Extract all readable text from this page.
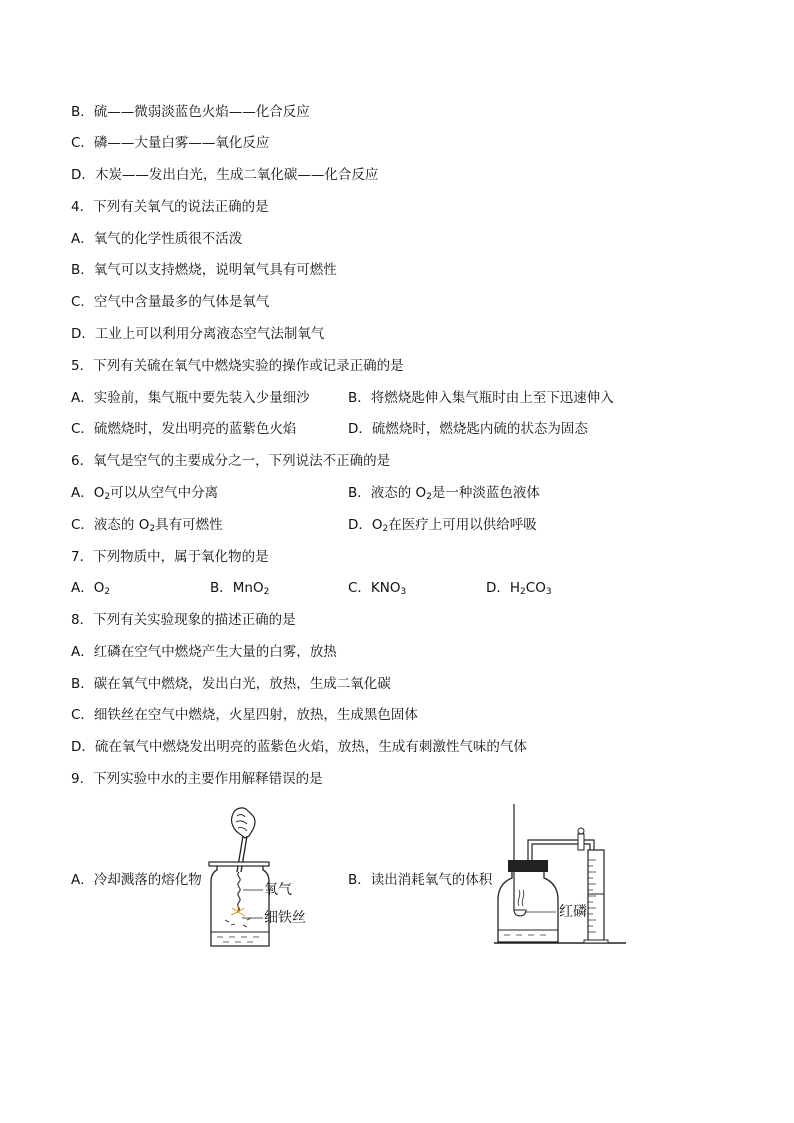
B．硫——微弱淡蓝色火焰——化合反应
C．磷——大量白雾——氧化反应
D．木炭——发出白光，生成二氧化碳——化合反应
4．下列有关氧气的说法正确的是
A．氧气的化学性质很不活泼
B．氧气可以支持燃烧，说明氧气具有可燃性
C．空气中含量最多的气体是氧气
D．工业上可以利用分离液态空气法制氧气
5．下列有关硫在氧气中燃烧实验的操作或记录正确的是
A．实验前，集气瓶中要先装入少量细沙	B．将燃烧匙伸入集气瓶时由上至下迅速伸入
C．硫燃烧时，发出明亮的蓝紫色火焰	D．硫燃烧时，燃烧匙内硫的状态为固态
6．氧气是空气的主要成分之一，下列说法不正确的是
A．$O_2$可以从空气中分离	B．液态的 $O_2$是一种淡蓝色液体
C．液态的 $O_2$具有可燃性	D．$O_2$在医疗上可用以供给呼吸
7．下列物质中，属于氧化物的是
A．$O_2$	B．MnO$_2$	C．$KNO_3$	D．$H_2CO_3$
8．下列有关实验现象的描述正确的是
A．红磷在空气中燃烧产生大量的白雾，放热
B．碳在氧气中燃烧，发出白光，放热，生成二氧化碳
C．细铁丝在空气中燃烧，火星四射，放热，生成黑色固体
D．硫在氧气中燃烧发出明亮的蓝紫色火焰，放热，生成有刺激性气味的气体
9．下列实验中水的主要作用解释错误的是
A．冷却溅落的熔化物	B．读出消耗氧气的体积
氧气
细铁丝	红磷
